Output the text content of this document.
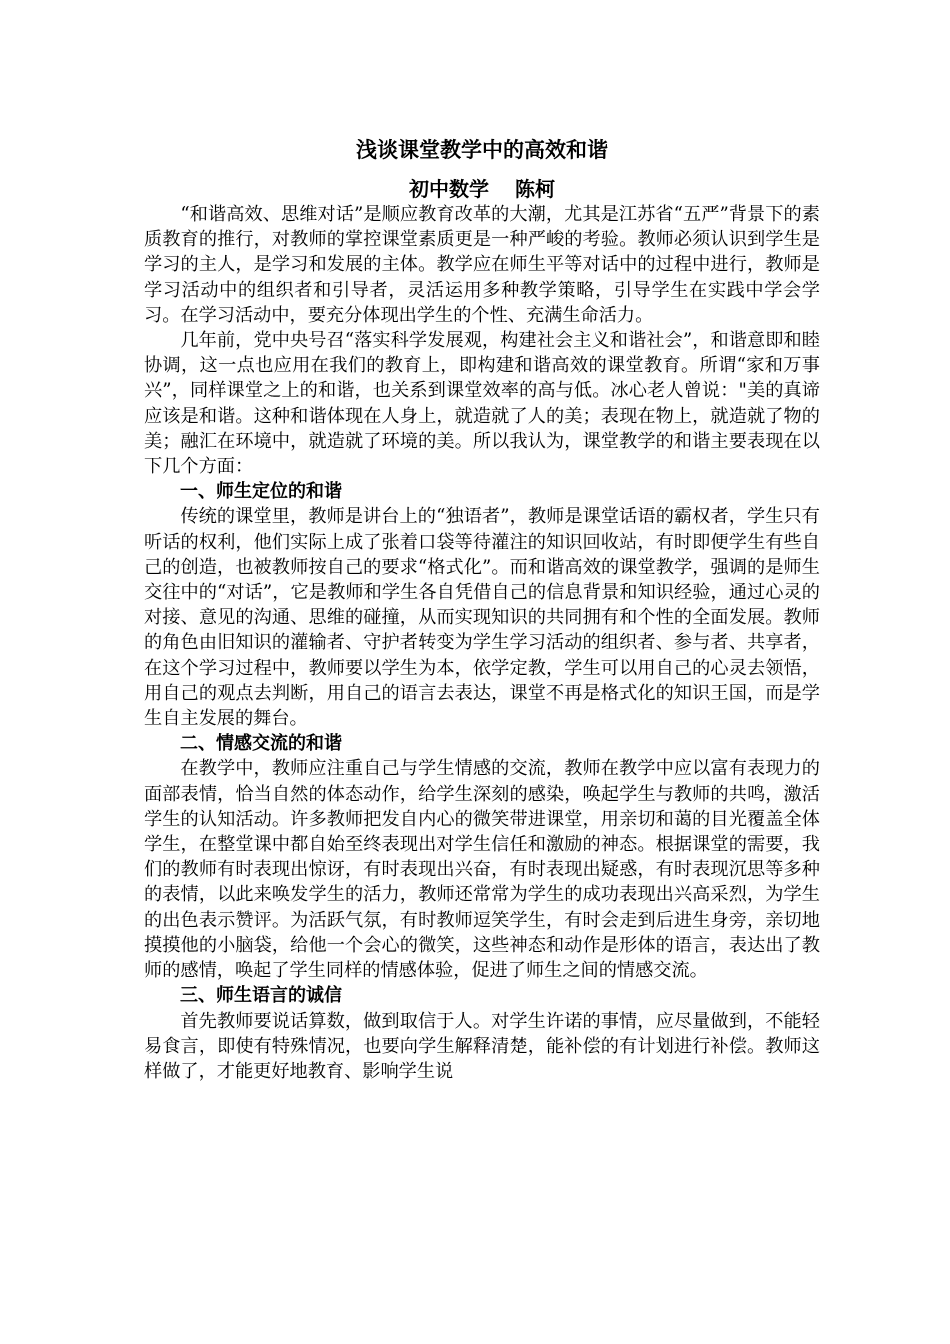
浅谈课堂教学中的高效和谐
初中数学 陈柯

“和谐高效、思维对话”是顺应教育改革的大潮，尤其是江苏省“五严”背景下的素质教育的推行，对教师的掌控课堂素质更是一种严峻的考验。教师必须认识到学生是学习的主人，是学习和发展的主体。教学应在师生平等对话中的过程中进行，教师是学习活动中的组织者和引导者，灵活运用多种教学策略，引导学生在实践中学会学习。在学习活动中，要充分体现出学生的个性、充满生命活力。

几年前，党中央号召“落实科学发展观，构建社会主义和谐社会”，和谐意即和睦协调，这一点也应用在我们的教育上，即构建和谐高效的课堂教育。所谓“家和万事兴”，同样课堂之上的和谐，也关系到课堂效率的高与低。冰心老人曾说："美的真谛应该是和谐。这种和谐体现在人身上，就造就了人的美；表现在物上，就造就了物的美；融汇在环境中，就造就了环境的美。所以我认为，课堂教学的和谐主要表现在以下几个方面：

一、师生定位的和谐

传统的课堂里，教师是讲台上的“独语者”，教师是课堂话语的霸权者，学生只有听话的权利，他们实际上成了张着口袋等待灌注的知识回收站，有时即便学生有些自己的创造，也被教师按自己的要求“格式化”。而和谐高效的课堂教学，强调的是师生交往中的“对话”，它是教师和学生各自凭借自己的信息背景和知识经验，通过心灵的对接、意见的沟通、思维的碰撞，从而实现知识的共同拥有和个性的全面发展。教师的角色由旧知识的灌输者、守护者转变为学生学习活动的组织者、参与者、共享者，在这个学习过程中，教师要以学生为本，依学定教，学生可以用自己的心灵去领悟，用自己的观点去判断，用自己的语言去表达，课堂不再是格式化的知识王国，而是学生自主发展的舞台。

二、情感交流的和谐

在教学中，教师应注重自己与学生情感的交流，教师在教学中应以富有表现力的面部表情，恰当自然的体态动作，给学生深刻的感染，唤起学生与教师的共鸣，激活学生的认知活动。许多教师把发自内心的微笑带进课堂，用亲切和蔼的目光覆盖全体学生，在整堂课中都自始至终表现出对学生信任和激励的神态。根据课堂的需要，我们的教师有时表现出惊讶，有时表现出兴奋，有时表现出疑惑，有时表现沉思等多种的表情，以此来唤发学生的活力，教师还常常为学生的成功表现出兴高采烈，为学生的出色表示赞评。为活跃气氛，有时教师逗笑学生，有时会走到后进生身旁，亲切地摸摸他的小脑袋，给他一个会心的微笑，这些神态和动作是形体的语言，表达出了教师的感情，唤起了学生同样的情感体验，促进了师生之间的情感交流。

三、师生语言的诚信

首先教师要说话算数，做到取信于人。对学生许诺的事情，应尽量做到，不能轻易食言，即使有特殊情况，也要向学生解释清楚，能补偿的有计划进行补偿。教师这样做了，才能更好地教育、影响学生说
